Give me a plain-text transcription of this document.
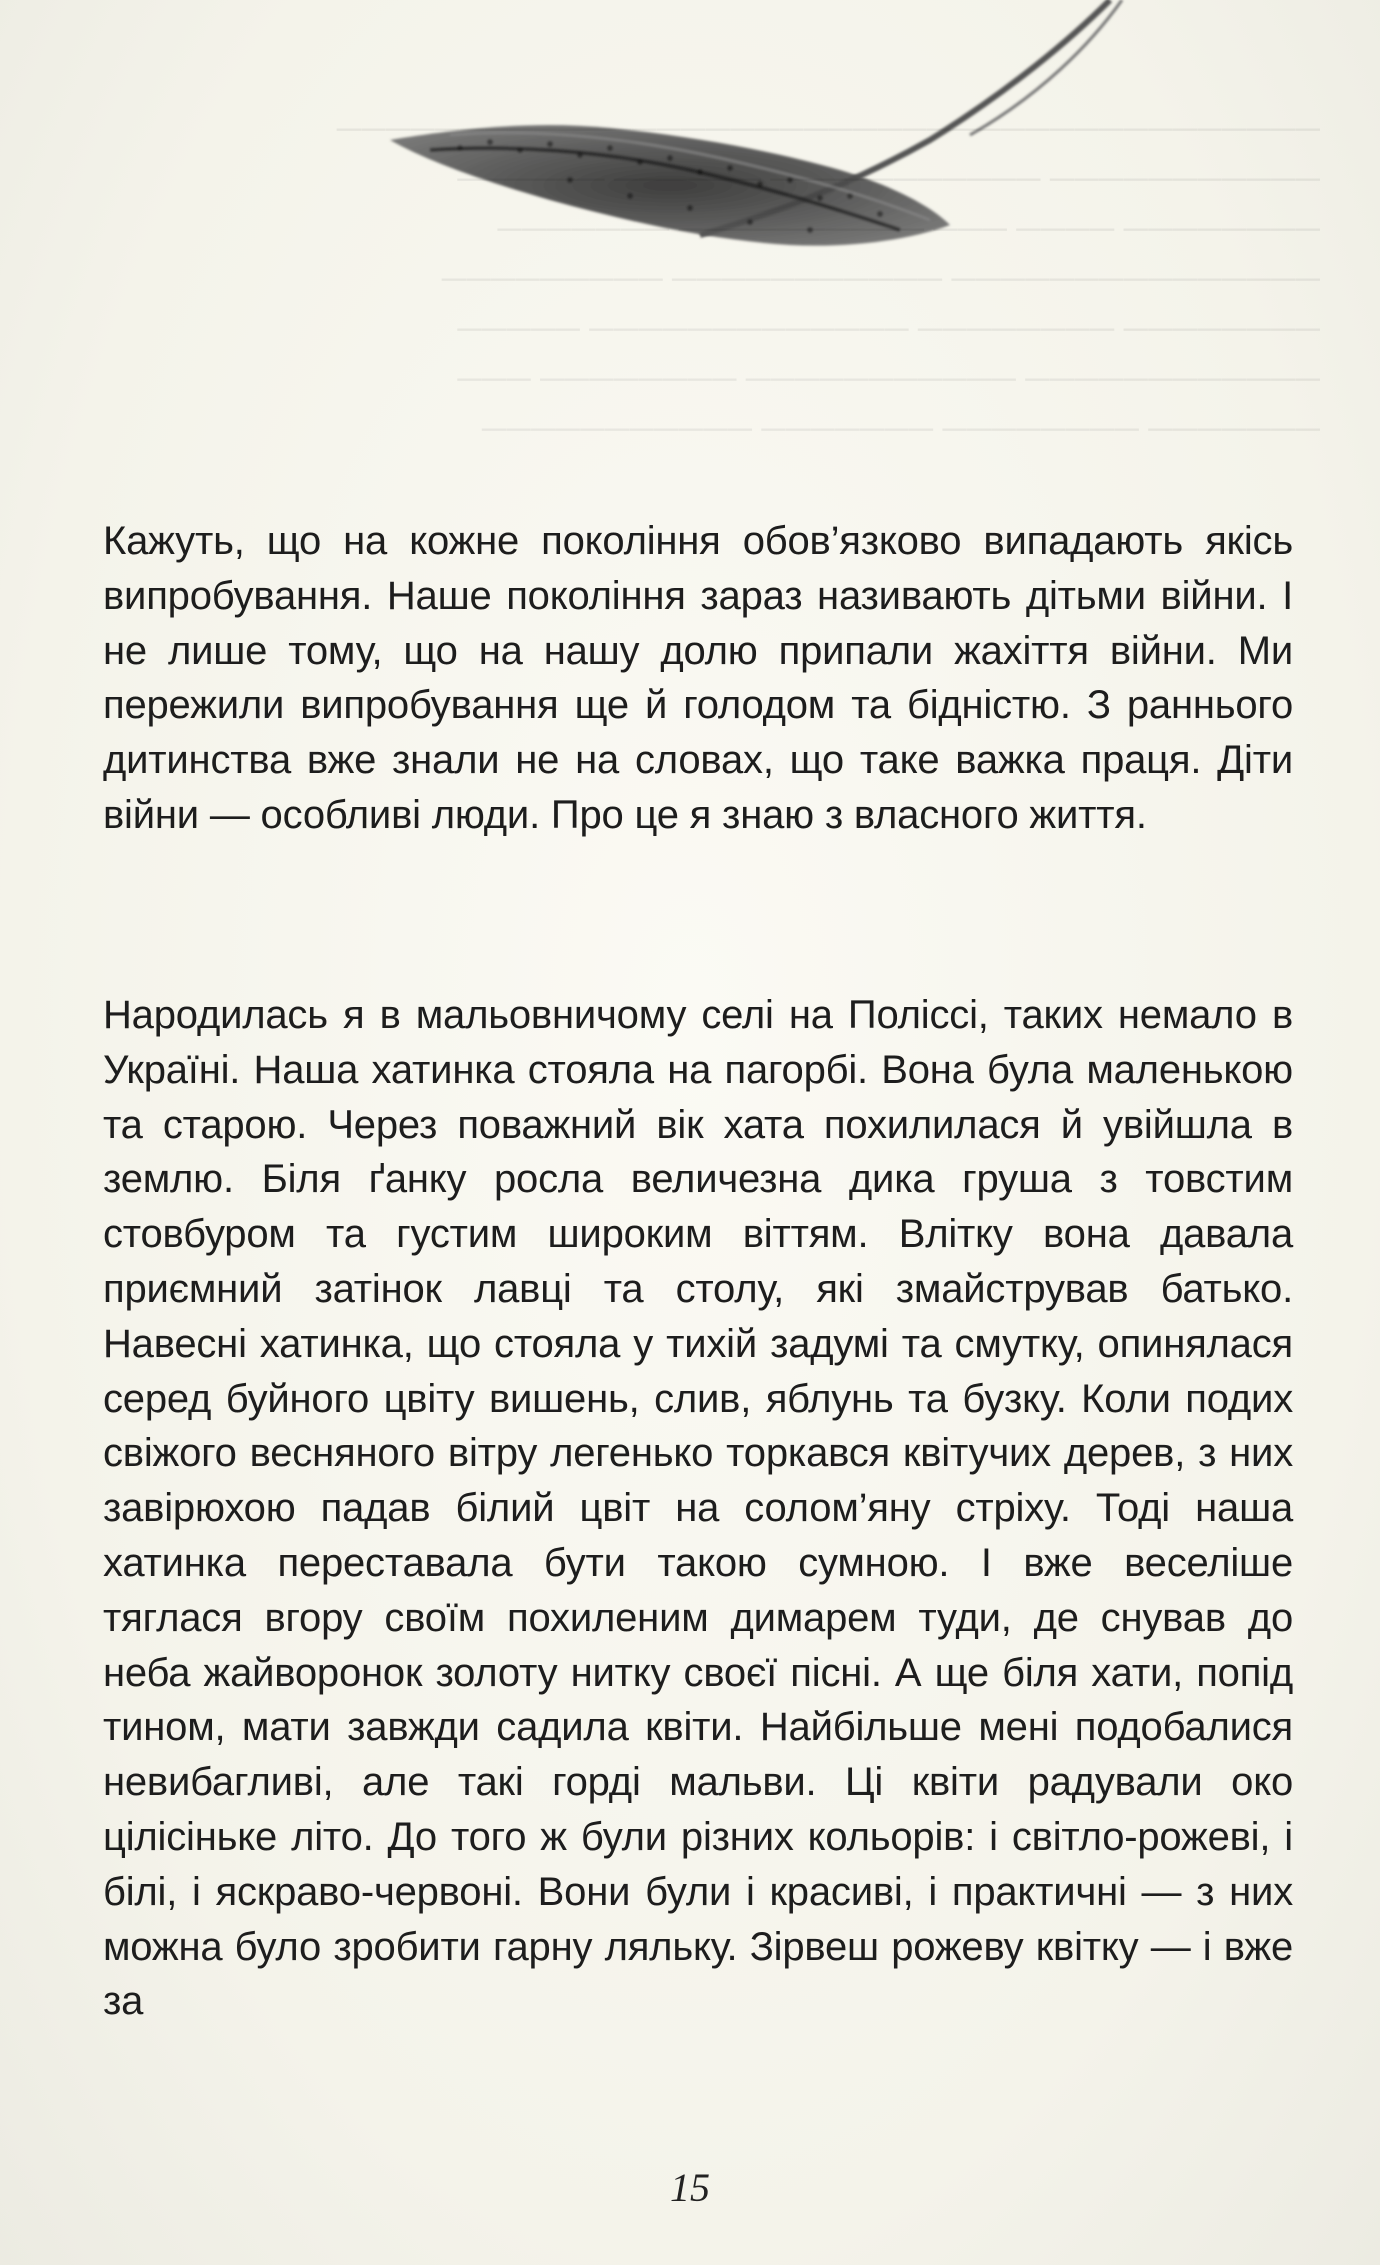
────────────────────────────────────────
─────────── ─────────── ────── ──────
──────── ──── ─── ────────── ───────
─────────────── ─────────── ─────────
──────── ──────── ───────────── ─────
──────────── ─────────── ──────── ───
─────── ──────── ─────── ───────────

Кажуть, що на кожне покоління обов’язково випадають якісь випробування. Наше покоління зараз називають дітьми війни. І не лише тому, що на нашу долю припали жахіття війни. Ми пережили випробування ще й голодом та бідністю. З раннього дитинства вже знали не на словах, що таке важка праця. Діти війни — особливі люди. Про це я знаю з власного життя.

Народилась я в мальовничому селі на Поліссі, таких немало в Україні. Наша хатинка стояла на пагорбі. Вона була маленькою та старою. Через поважний вік хата похилилася й увійшла в землю. Біля ґанку росла величезна дика груша з товстим стовбуром та густим широким віттям. Влітку вона давала приємний затінок лавці та столу, які змайстрував батько. Навесні хатинка, що стояла у тихій задумі та смутку, опинялася серед буйного цвіту вишень, слив, яблунь та бузку. Коли подих свіжого весняного вітру легенько торкався квітучих дерев, з них завірюхою падав білий цвіт на солом’яну стріху. Тоді наша хатинка переставала бути такою сумною. І вже веселіше тяглася вгору своїм похиленим димарем туди, де снував до неба жайворонок золоту нитку своєї пісні. А ще біля хати, попід тином, мати завжди садила квіти. Найбільше мені подобалися невибагливі, але такі горді мальви. Ці квіти радували око цілісіньке літо. До того ж були різних кольорів: і світло-рожеві, і білі, і яскраво-червоні. Вони були і красиві, і практичні — з них можна було зробити гарну ляльку. Зірвеш рожеву квітку — і вже за

15
